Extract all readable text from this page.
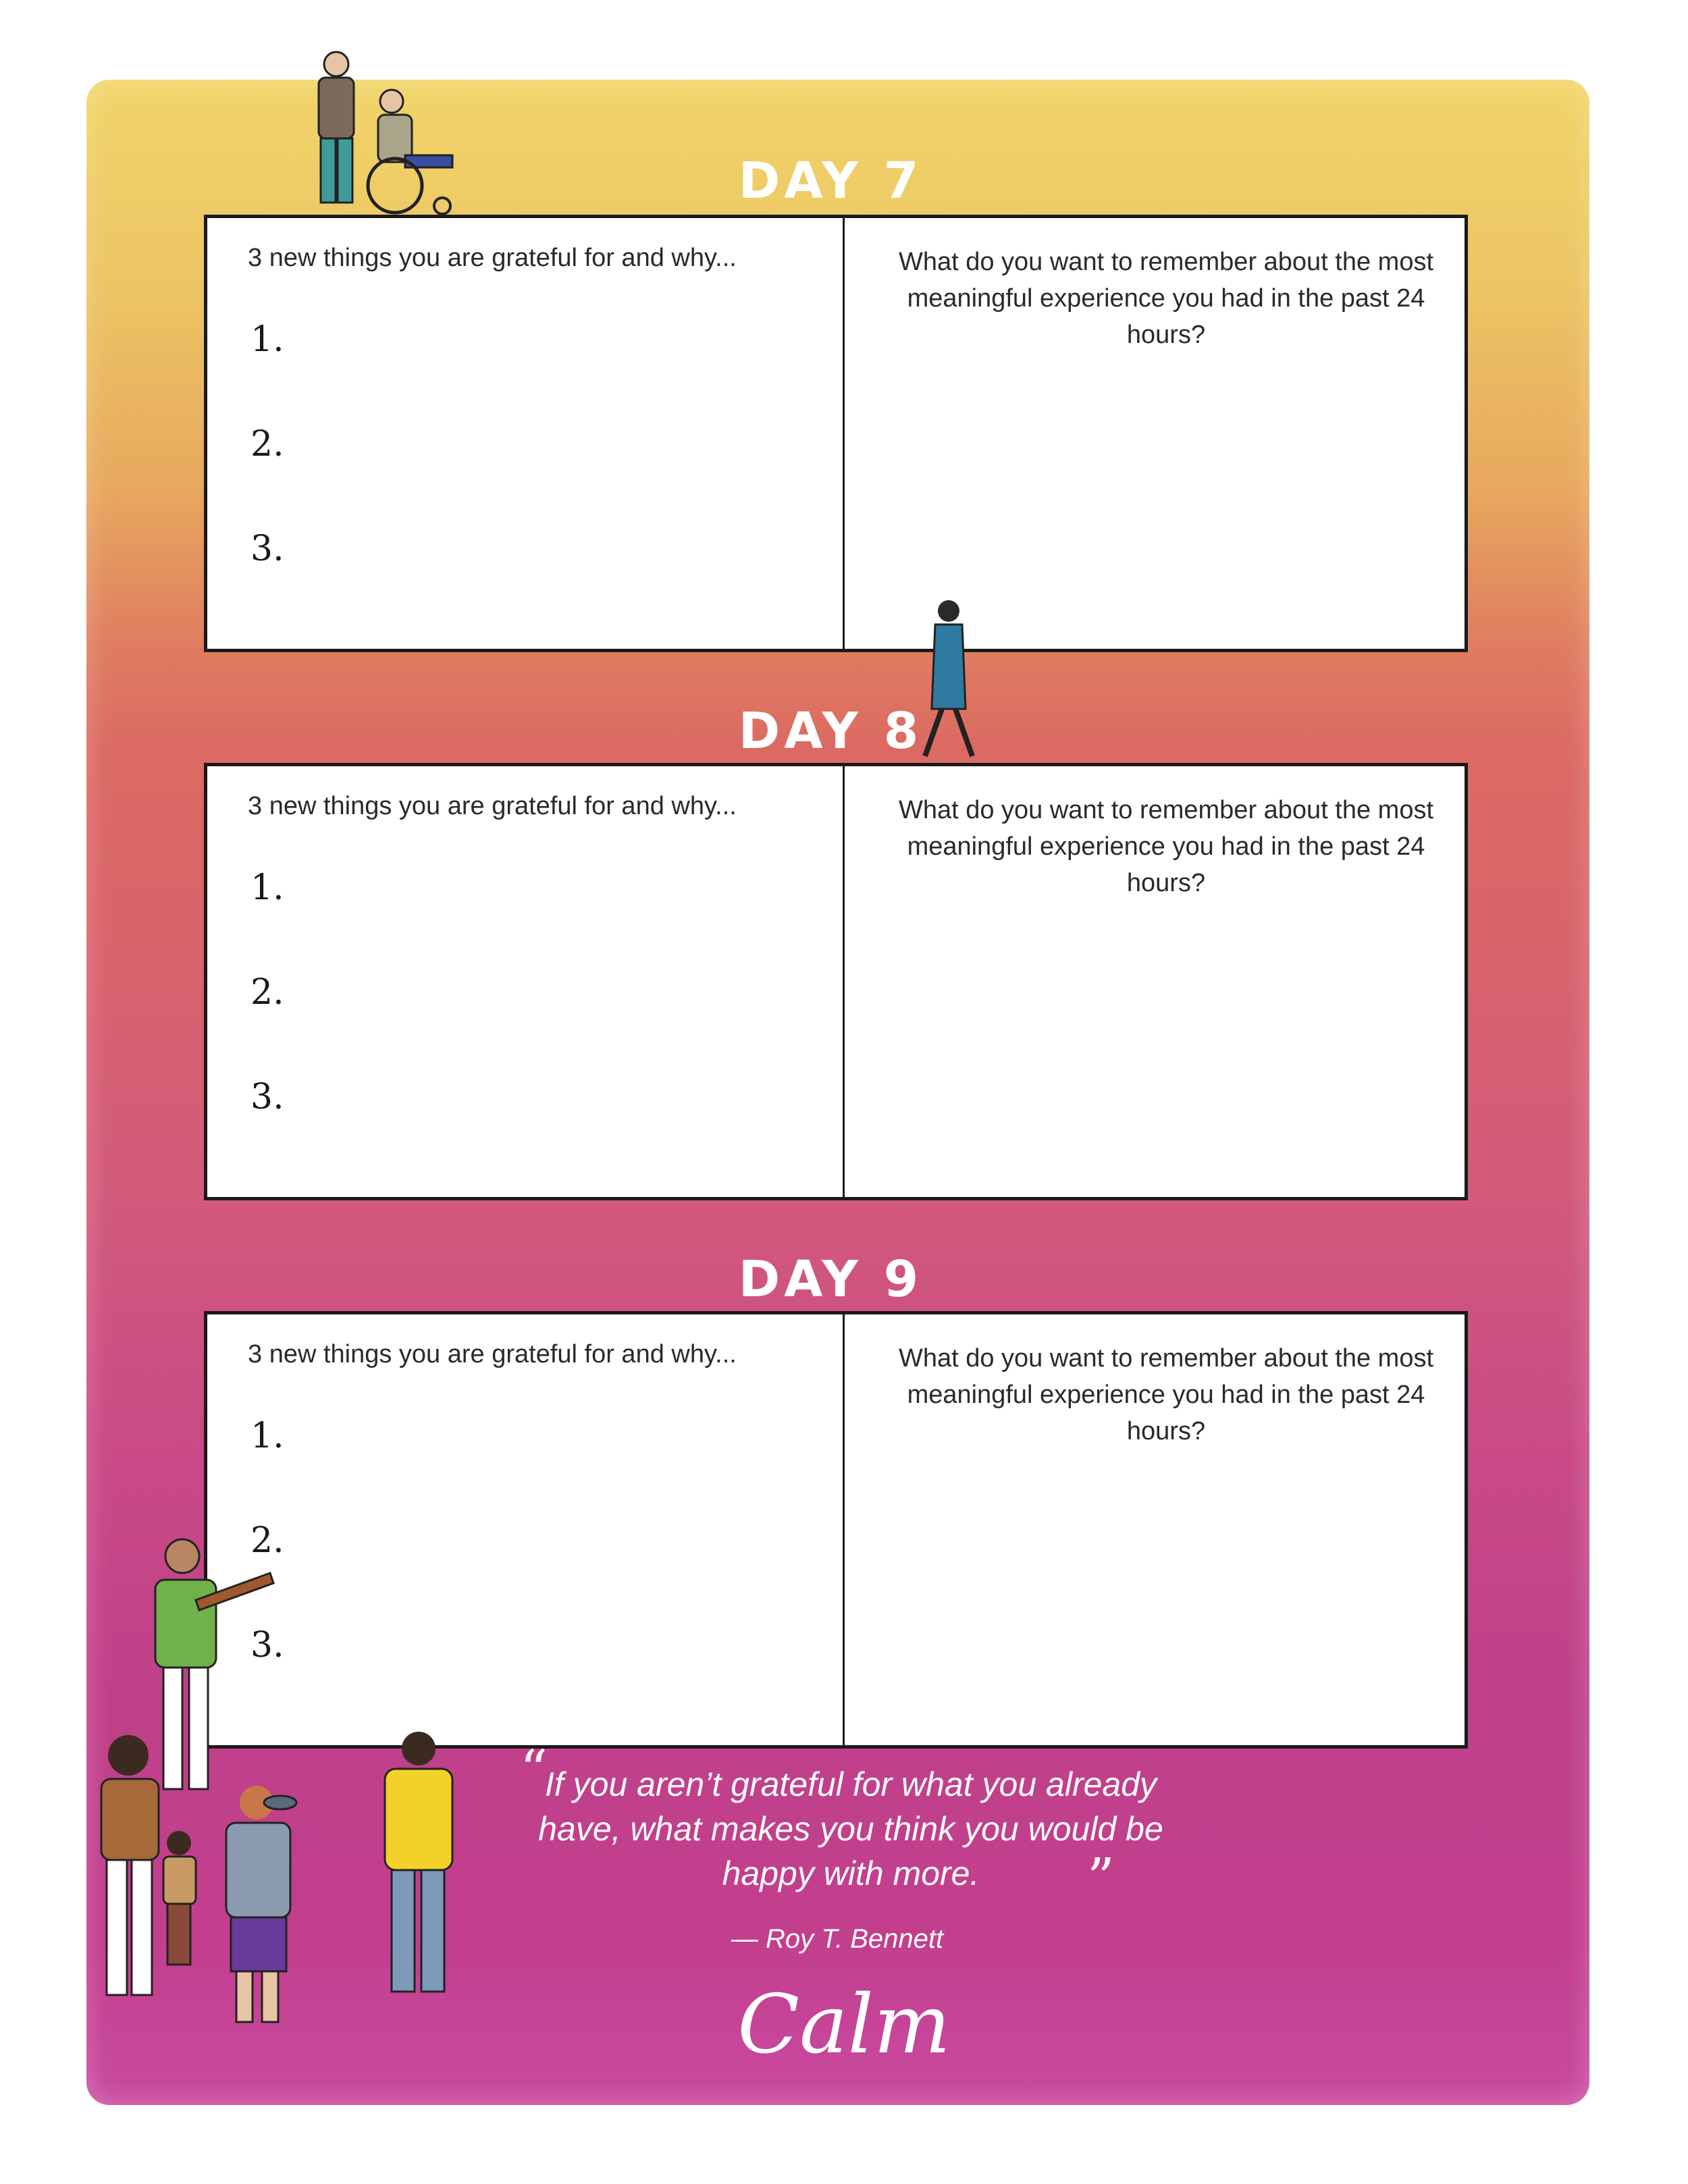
DAY 7
3 new things you are grateful for and why...
1.
2.
3.
What do you want to remember about the most meaningful experience you had in the past 24 hours?
DAY 8
3 new things you are grateful for and why...
1.
2.
3.
What do you want to remember about the most meaningful experience you had in the past 24 hours?
DAY 9
3 new things you are grateful for and why...
1.
2.
3.
What do you want to remember about the most meaningful experience you had in the past 24 hours?
“
If you aren’t grateful for what you already have, what makes you think you would be happy with more.	”
— Roy T. Bennett
Calm
